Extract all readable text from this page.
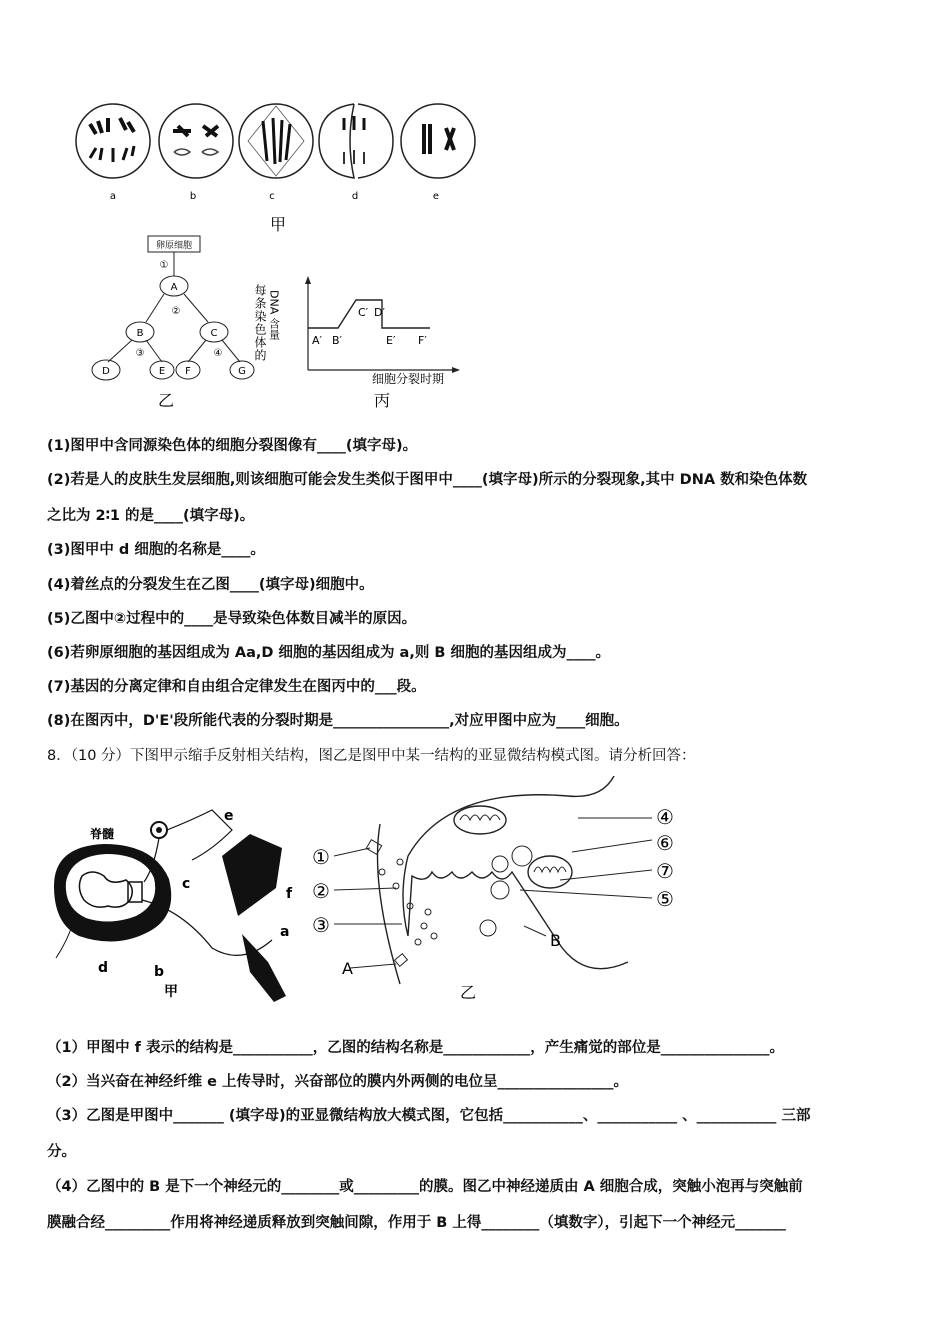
a	b	c	d	e
甲
卵原细胞
①
A
②
B	C
③	④
D	E F	G
乙
每条染色体的 DNA 含量
A′ B′
C′ D′
E′ F′
细胞分裂时期
丙
(1)图甲中含同源染色体的细胞分裂图像有____(填字母)。
(2)若是人的皮肤生发层细胞,则该细胞可能会发生类似于图甲中____(填字母)所示的分裂现象,其中 DNA 数和染色体数
之比为 2∶1 的是____(填字母)。
(3)图甲中 d 细胞的名称是____。
(4)着丝点的分裂发生在乙图____(填字母)细胞中。
(5)乙图中②过程中的____是导致染色体数目减半的原因。
(6)若卵原细胞的基因组成为 Aa,D 细胞的基因组成为 a,则 B 细胞的基因组成为____。
(7)基因的分离定律和自由组合定律发生在图丙中的___段。
(8)在图丙中，D'E'段所能代表的分裂时期是________________,对应甲图中应为____细胞。
8．（10 分）下图甲示缩手反射相关结构，图乙是图甲中某一结构的亚显微结构模式图。请分析回答：
脊髓
e
c
f
a
d	b
甲
①
②
③
④
⑥
⑦
⑤
A
B
乙
（1）甲图中 f 表示的结构是___________，乙图的结构名称是____________，产生痛觉的部位是_______________。
（2）当兴奋在神经纤维 e 上传导时，兴奋部位的膜内外两侧的电位呈________________。
（3）乙图是甲图中_______ (填字母)的亚显微结构放大模式图，它包括___________、___________ 、___________ 三部
分。
（4）乙图中的 B 是下一个神经元的________或_________的膜。图乙中神经递质由 A 细胞合成，突触小泡再与突触前
膜融合经_________作用将神经递质释放到突触间隙，作用于 B 上得________（填数字），引起下一个神经元_______
